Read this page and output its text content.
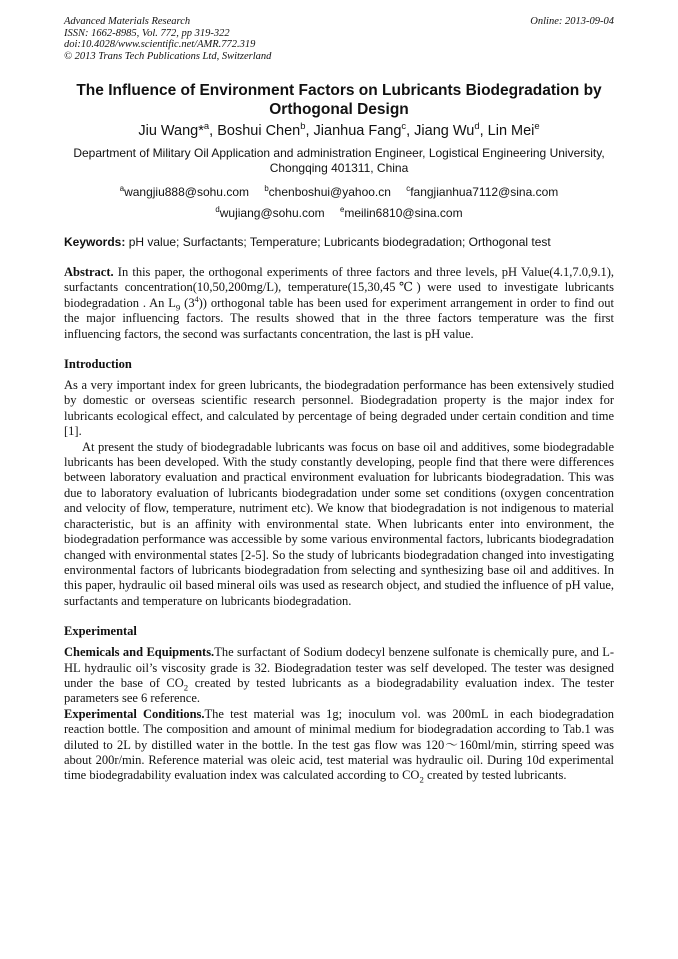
Advanced Materials Research
ISSN: 1662-8985, Vol. 772, pp 319-322
doi:10.4028/www.scientific.net/AMR.772.319
© 2013 Trans Tech Publications Ltd, Switzerland
Online: 2013-09-04
The Influence of Environment Factors on Lubricants Biodegradation by Orthogonal Design
Jiu Wang*$^a$, Boshui Chen$^b$, Jianhua Fang$^c$, Jiang Wu$^d$, Lin Mei$^e$
Department of Military Oil Application and administration Engineer, Logistical Engineering University, Chongqing 401311, China
$^a$wangjiu888@sohu.com $^b$chenboshui@yahoo.cn $^c$fangjianhua7112@sina.com
$^d$wujiang@sohu.com $^e$meilin6810@sina.com
Keywords: pH value; Surfactants; Temperature; Lubricants biodegradation; Orthogonal test

Abstract. In this paper, the orthogonal experiments of three factors and three levels, pH Value(4.1,7.0,9.1), surfactants concentration(10,50,200mg/L), temperature(15,30,45℃) were used to investigate lubricants biodegradation . An $L_9$ $(3^4)$) orthogonal table has been used for experiment arrangement in order to find out the major influencing factors. The results showed that in the three factors temperature was the first influencing factors, the second was surfactants concentration, the last is pH value.

Introduction

As a very important index for green lubricants, the biodegradation performance has been extensively studied by domestic or overseas scientific research personnel. Biodegradation property is the major index for lubricants ecological effect, and calculated by percentage of being degraded under certain condition and time [1].

At present the study of biodegradable lubricants was focus on base oil and additives, some biodegradable lubricants has been developed. With the study constantly developing, people find that there were differences between laboratory evaluation and practical environment evaluation for lubricants biodegradation. This was due to laboratory evaluation of lubricants biodegradation under some set conditions (oxygen concentration and velocity of flow, temperature, nutriment etc). We know that biodegradation is not indigenous to material characteristic, but is an affinity with environmental state. When lubricants enter into environment, the biodegradation performance was accessible by some various environmental factors, lubricants biodegradation changed with environmental states [2-5]. So the study of lubricants biodegradation changed into investigating environmental factors of lubricants biodegradation from selecting and synthesizing base oil and additives. In this paper, hydraulic oil based mineral oils was used as research object, and studied the influence of pH value, surfactants and temperature on lubricants biodegradation.

Experimental

Chemicals and Equipments.The surfactant of Sodium dodecyl benzene sulfonate is chemically pure, and L-HL hydraulic oil’s viscosity grade is 32. Biodegradation tester was self developed. The tester was designed under the base of $CO_2$ created by tested lubricants as a biodegradability evaluation index. The tester parameters see 6 reference.

Experimental Conditions.The test material was 1g; inoculum vol. was 200mL in each biodegradation reaction bottle. The composition and amount of minimal medium for biodegradation according to Tab.1 was diluted to 2L by distilled water in the bottle. In the test gas flow was 120～160ml/min, stirring speed was about 200r/min. Reference material was oleic acid, test material was hydraulic oil. During 10d experimental time biodegradability evaluation index was calculated according to $CO_2$ created by tested lubricants.
